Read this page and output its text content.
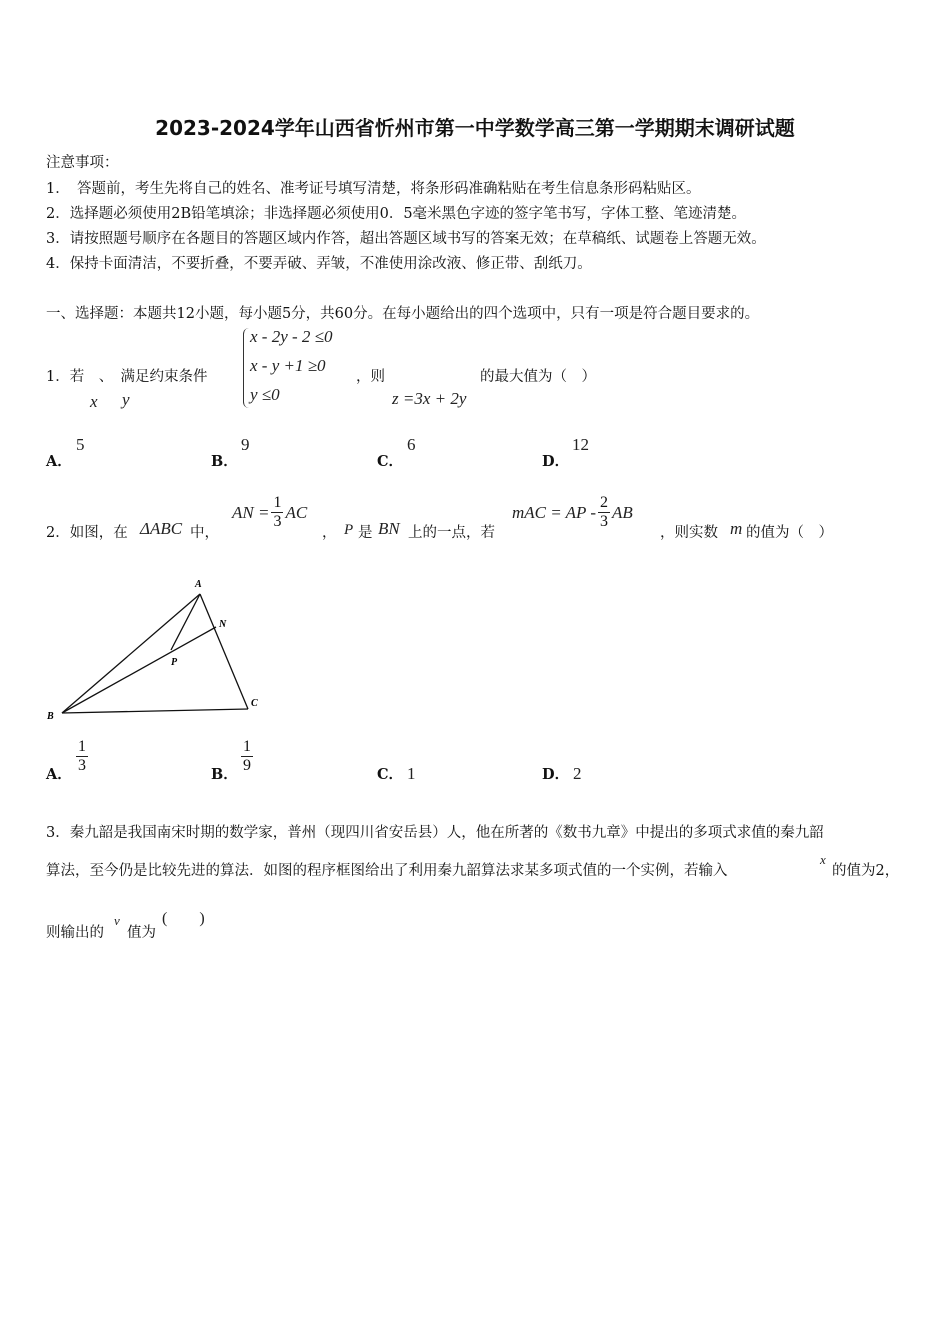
2023-2024学年山西省忻州市第一中学数学高三第一学期期末调研试题
注意事项：
1．　答题前，考生先将自己的姓名、准考证号填写清楚，将条形码准确粘贴在考生信息条形码粘贴区。
2．选择题必须使用2B铅笔填涂；非选择题必须使用0．5毫米黑色字迹的签字笔书写，字体工整、笔迹清楚。
3．请按照题号顺序在各题目的答题区域内作答，超出答题区域书写的答案无效；在草稿纸、试题卷上答题无效。
4．保持卡面清洁，不要折叠，不要弄破、弄皱，不准使用涂改液、修正带、刮纸刀。
一、选择题：本题共12小题，每小题5分，共60分。在每小题给出的四个选项中，只有一项是符合题目要求的。
1．若　、　满足约束条件
x y
x - 2y - 2 ≤0
x - y +1 ≥0
y ≤0
，则
z =3x + 2y
的最大值为（　）
A．
5
B．
9
C．
6
D．
12
2．如图，在 ΔABC 中，
AN = $\frac{1}{3}$ AC
， P 是 BN 上的一点，若
mAC = AP - $\frac{2}{3}$ AB
，则实数 m 的值为（　）
A
B
C
N
P
A． $\frac{1}{3}$	B． $\frac{1}{9}$	C． 1	D． 2
3．秦九韶是我国南宋时期的数学家，普州（现四川省安岳县）人，他在所著的《数书九章》中提出的多项式求值的秦九韶
算法，至今仍是比较先进的算法．如图的程序框图给出了利用秦九韶算法求某多项式值的一个实例，若输入
x
的值为2，
则输出的
v
值为
(　　)
